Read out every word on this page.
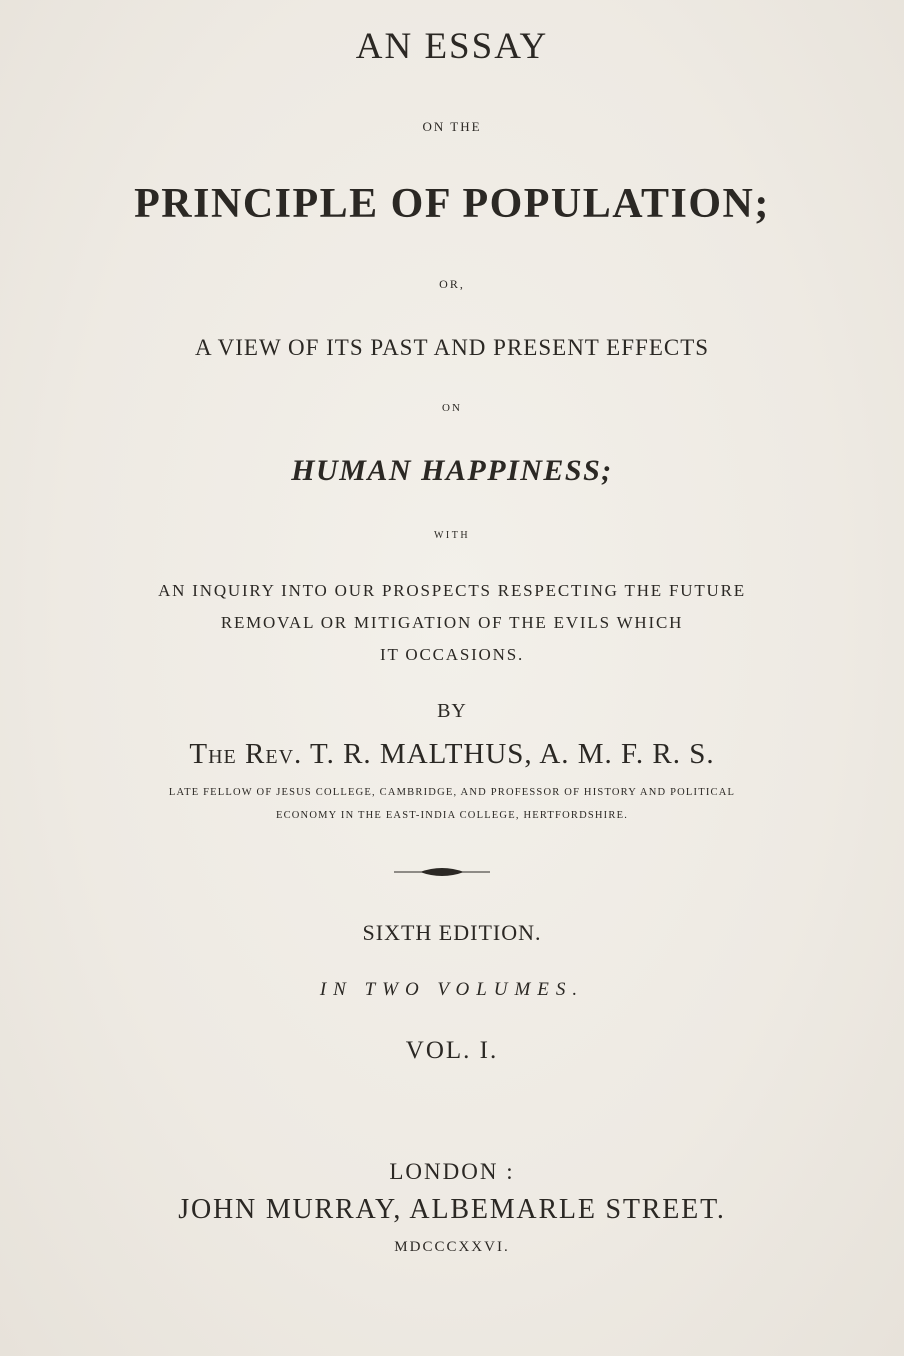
AN ESSAY

ON THE

PRINCIPLE OF POPULATION;

OR,

A VIEW OF ITS PAST AND PRESENT EFFECTS

ON

HUMAN HAPPINESS;

WITH

AN INQUIRY INTO OUR PROSPECTS RESPECTING THE FUTURE

REMOVAL OR MITIGATION OF THE EVILS WHICH

IT OCCASIONS.

BY

The Rev. T. R. MALTHUS, A. M. F. R. S.

LATE FELLOW OF JESUS COLLEGE, CAMBRIDGE, AND PROFESSOR OF HISTORY AND POLITICAL

ECONOMY IN THE EAST-INDIA COLLEGE, HERTFORDSHIRE.

SIXTH EDITION.

IN TWO VOLUMES.

VOL. I.

LONDON :

JOHN MURRAY, ALBEMARLE STREET.

MDCCCXXVI.
